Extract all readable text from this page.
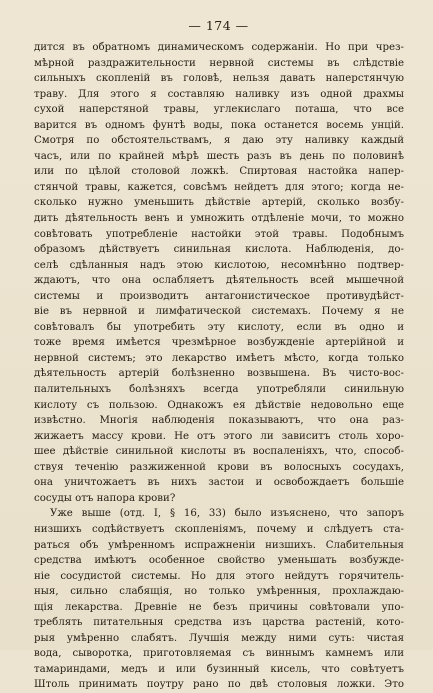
— 174 —
дится въ обратномъ динамическомъ содержанiи. Но при чрез-
мѣрной раздражительности нервной системы въ слѣдствiе
сильныхъ скопленiй въ головѣ, нельзя давать наперстянчую
траву. Для этого я составляю наливку изъ одной драхмы
сухой наперстяной травы, углекислаго поташа, что все
варится въ одномъ фунтѣ воды, пока останется восемь унцiй.
Смотря по обстоятельствамъ, я даю эту наливку каждый
часъ, или по крайней мѣрѣ шесть разъ въ день по половинѣ
или по цѣлой столовой ложкѣ. Спиртовая настойка напер-
стянчой травы, кажется, совсѣмъ нейдетъ для этого; когда не-
сколько нужно уменьшить дѣйствiе артерiй, сколько возбу-
дить дѣятельность венъ и умножить отдѣленiе мочи, то можно
совѣтовать употребленiе настойки этой травы. Подобнымъ
образомъ дѣйствуетъ синильная кислота. Наблюденiя, до-
селѣ сдѣланныя надъ этою кислотою, несомнѣнно подтвер-
ждаютъ, что она ослабляетъ дѣятельность всей мышечной
системы и производитъ антагонистическое противудѣйст-
вiе въ нервной и лимфатической системахъ. Почему я не
совѣтовалъ бы употребить эту кислоту, если въ одно и
тоже время имѣется чрезмѣрное возбужденiе артерiйной и
нервной системъ; это лекарство имѣетъ мѣсто, когда только
дѣятельность артерiй болѣзненно возвышена. Въ чисто-вос-
палительныхъ болѣзняхъ всегда употребляли синильную
кислоту съ пользою. Однакожъ ея дѣйствiе недовольно еще
извѣстно. Многiя наблюденiя показываютъ, что она раз-
жижаетъ массу крови. Не отъ этого ли зависитъ столь хоро-
шее дѣйствiе синильной кислоты въ воспаленiяхъ, что, способ-
ствуя теченiю разжиженной крови въ волосныхъ сосудахъ,
она уничтожаетъ въ нихъ застои и освобождаетъ большiе
сосуды отъ напора крови?
Уже выше (отд. I, § 16, 33) было изъяснено, что запоръ
низшихъ содѣйствуетъ скопленiямъ, почему и слѣдуетъ ста-
раться объ умѣренномъ испражненiи низшихъ. Слабительныя
средства имѣютъ особенное свойство уменьшать возбужде-
нiе сосудистой системы. Но для этого нейдутъ горячитель-
ныя, сильно слабящiя, но только умѣренныя, прохлаждаю-
щiя лекарства. Древнiе не безъ причины совѣтовали упо-
треблять питательныя средства изъ царства растенiй, кото-
рыя умѣренно слабятъ. Лучшiя между ними суть: чистая
вода, сыворотка, приготовляемая съ виннымъ камнемъ или
тамариндами, медъ и или бузинный кисель, что совѣтуетъ
Штоль принимать поутру рано по двѣ столовыя ложки. Это
